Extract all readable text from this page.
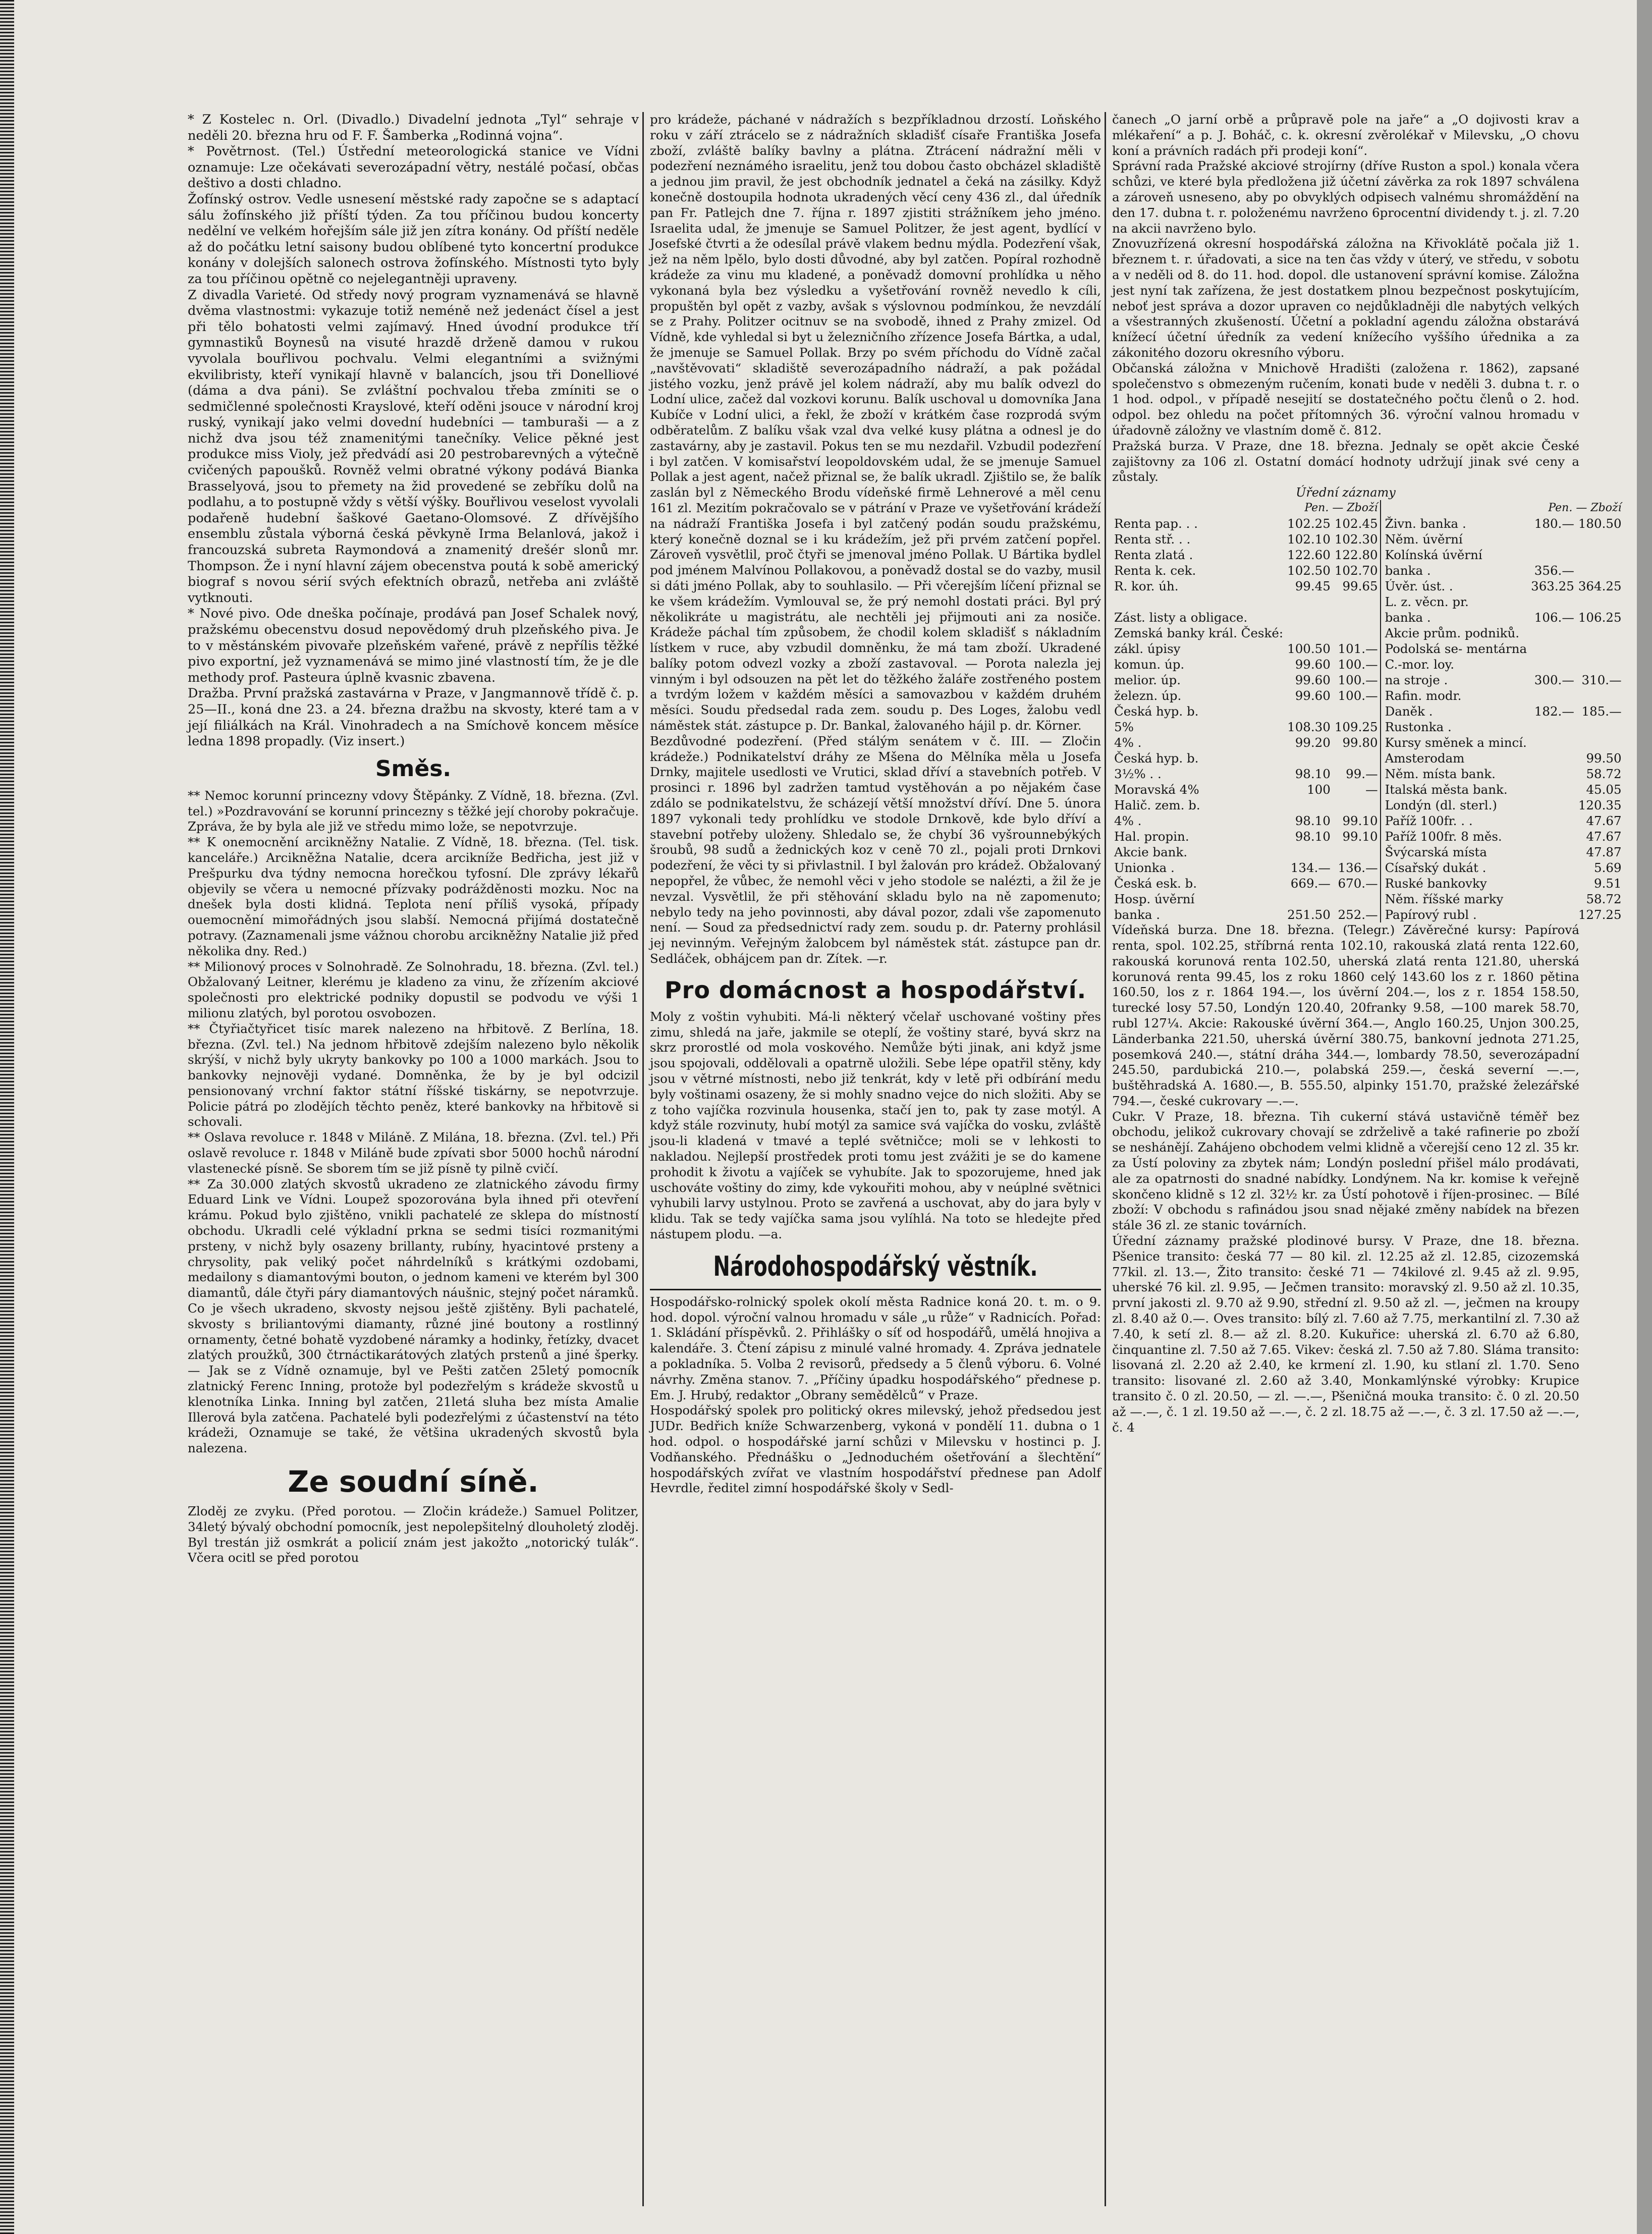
* Z Kostelec n. Orl. (Divadlo.) Divadelní jednota „Tyl“ sehraje v neděli 20. března hru od F. F. Šamberka „Rodinná vojna“.

* Povětrnost. (Tel.) Ústřední meteorologická stanice ve Vídni oznamuje: Lze očekávati severozápadní větry, nestálé počasí, občas deštivo a dosti chladno.

Žofínský ostrov. Vedle usnesení městské rady započne se s adaptací sálu žofínského již příští týden. Za tou příčinou budou koncerty nedělní ve velkém hořejším sále již jen zítra konány. Od příští neděle až do počátku letní saisony budou oblíbené tyto koncertní produkce konány v dolejších salonech ostrova žofínského. Místnosti tyto byly za tou příčinou opětně co nejelegantněji upraveny.

Z divadla Varieté. Od středy nový program vyznamenává se hlavně dvěma vlastnostmi: vykazuje totiž neméně než jedenáct čísel a jest při tělo bohatosti velmi zajímavý. Hned úvodní produkce tří gymnastiků Boynesů na visuté hrazdě drženě damou v rukou vyvolala bouřlivou pochvalu. Velmi elegantními a svižnými ekvilibristy, kteří vynikají hlavně v balancích, jsou tři Donelliové (dáma a dva páni). Se zvláštní pochvalou třeba zmíniti se o sedmičlenné společnosti Krayslové, kteří oděni jsouce v národní kroj ruský, vynikají jako velmi dovední hudebníci — tamburaši — a z nichž dva jsou též znamenitými tanečníky. Velice pěkné jest produkce miss Violy, jež předvádí asi 20 pestrobarevných a výtečně cvičených papoušků. Rovněž velmi obratné výkony podává Bianka Brasselyová, jsou to přemety na žid provedené se zebříku dolů na podlahu, a to postupně vždy s větší výšky. Bouřlivou veselost vyvolali podařeně hudební šaškové Gaetano-Olomsové. Z dřívějšího ensemblu zůstala výborná česká pěvkyně Irma Belanlová, jakož i francouzská subreta Raymondová a znamenitý drešér slonů mr. Thompson. Že i nyní hlavní zájem obecenstva poutá k sobě americký biograf s novou sérií svých efektních obrazů, netřeba ani zvláště vytknouti.

* Nové pivo. Ode dneška počínaje, prodává pan Josef Schalek nový, pražskému obecenstvu dosud nepovědomý druh plzeňského piva. Je to v městánském pivovaře plzeňském vařené, právě z nepřílis těžké pivo exportní, jež vyznamenává se mimo jiné vlastností tím, že je dle methody prof. Pasteura úplně kvasnic zbavena.

Dražba. První pražská zastavárna v Praze, v Jangmannově třídě č. p. 25—II., koná dne 23. a 24. března dražbu na skvosty, které tam a v její filiálkách na Král. Vinohradech a na Smíchově koncem měsíce ledna 1898 propadly. (Viz insert.)

Směs.

** Nemoc korunní princezny vdovy Štěpánky. Z Vídně, 18. března. (Zvl. tel.) »Pozdravování se korunní princezny s těžké její choroby pokračuje. Zpráva, že by byla ale již ve středu mimo lože, se nepotvrzuje.

** K onemocnění arcikněžny Natalie. Z Vídně, 18. března. (Tel. tisk. kanceláře.) Arcikněžna Natalie, dcera arcikníže Bedřicha, jest již v Prešpurku dva týdny nemocna horečkou tyfosní. Dle zprávy lékařů objevily se včera u nemocné přízvaky podrážděnosti mozku. Noc na dnešek byla dosti klidná. Teplota není příliš vysoká, případy ouemocnění mimořádných jsou slabší. Nemocná přijímá dostatečně potravy. (Zaznamenali jsme vážnou chorobu arcikněžny Natalie již před několika dny. Red.)

** Milionový proces v Solnohradě. Ze Solnohradu, 18. března. (Zvl. tel.) Obžalovaný Leitner, klerému je kladeno za vinu, že zřízením akciové společnosti pro elektrické podniky dopustil se podvodu ve výši 1 milionu zlatých, byl porotou osvobozen.

** Čtyřiačtyřicet tisíc marek nalezeno na hřbitově. Z Berlína, 18. března. (Zvl. tel.) Na jednom hřbitově zdejším nalezeno bylo několik skrýší, v nichž byly ukryty bankovky po 100 a 1000 markách. Jsou to bankovky nejnověji vydané. Domněnka, že by je byl odcizil pensionovaný vrchní faktor státní říšské tiskárny, se nepotvrzuje. Policie pátrá po zlodějích těchto peněz, které bankovky na hřbitově si schovali.

** Oslava revoluce r. 1848 v Miláně. Z Milána, 18. března. (Zvl. tel.) Při oslavě revoluce r. 1848 v Miláně bude zpívati sbor 5000 hochů národní vlastenecké písně. Se sborem tím se již písně ty pilně cvičí.

** Za 30.000 zlatých skvostů ukradeno ze zlatnického závodu firmy Eduard Link ve Vídni. Loupež spozorována byla ihned při otevření krámu. Pokud bylo zjištěno, vnikli pachatelé ze sklepa do místností obchodu. Ukradli celé výkladní prkna se sedmi tisíci rozmanitými prsteny, v nichž byly osazeny brillanty, rubíny, hyacintové prsteny a chrysolity, pak veliký počet náhrdelníků s krátkými ozdobami, medailony s diamantovými bouton, o jednom kameni ve kterém byl 300 diamantů, dále čtyři páry diamantových náušnic, stejný počet náramků. Co je všech ukradeno, skvosty nejsou ještě zjištěny. Byli pachatelé, skvosty s briliantovými diamanty, různé jiné boutony a rostlinný ornamenty, četné bohatě vyzdobené náramky a hodinky, řetízky, dvacet zlatých proužků, 300 čtrnáctikarátových zlatých prstenů a jiné šperky. — Jak se z Vídně oznamuje, byl ve Pešti zatčen 25letý pomocník zlatnický Ferenc Inning, protože byl podezřelým s krádeže skvostů u klenotníka Linka. Inning byl zatčen, 21letá sluha bez místa Amalie Illerová byla zatčena. Pachatelé byli podezřelými z účastenství na této krádeži, Oznamuje se také, že většina ukradených skvostů byla nalezena.

Ze soudní síně.

Zloděj ze zvyku. (Před porotou. — Zločin krádeže.) Samuel Politzer, 34letý bývalý obchodní pomocník, jest nepolepšitelný dlouholetý zloděj. Byl trestán již osmkrát a policií znám jest jakožto „notorický tulák“. Včera ocitl se před porotou

pro krádeže, páchané v nádražích s bezpříkladnou drzostí. Loňského roku v září ztrácelo se z nádražních skladišť císaře Františka Josefa zboží, zvláště balíky bavlny a plátna. Ztrácení nádražní měli v podezření neznámého israelitu, jenž tou dobou často obcházel skladiště a jednou jim pravil, že jest obchodník jednatel a čeká na zásilky. Když konečně dostoupila hodnota ukradených věcí ceny 436 zl., dal úředník pan Fr. Patlejch dne 7. října r. 1897 zjistiti strážníkem jeho jméno. Israelita udal, že jmenuje se Samuel Politzer, že jest agent, bydlící v Josefské čtvrti a že odesílal právě vlakem bednu mýdla. Podezření však, jež na něm lpělo, bylo dosti důvodné, aby byl zatčen. Popíral rozhodně krádeže za vinu mu kladené, a poněvadž domovní prohlídka u něho vykonaná byla bez výsledku a vyšetřování rovněž nevedlo k cíli, propuštěn byl opět z vazby, avšak s výslovnou podmínkou, že nevzdálí se z Prahy. Politzer ocitnuv se na svobodě, ihned z Prahy zmizel. Od Vídně, kde vyhledal si byt u železničního zřízence Josefa Bártka, a udal, že jmenuje se Samuel Pollak. Brzy po svém příchodu do Vídně začal „navštěvovati“ skladiště severozápadního nádraží, a pak požádal jistého vozku, jenž právě jel kolem nádraží, aby mu balík odvezl do Lodní ulice, začež dal vozkovi korunu. Balík uschoval u domovníka Jana Kubíče v Lodní ulici, a řekl, že zboží v krátkém čase rozprodá svým odběratelům. Z balíku však vzal dva velké kusy plátna a odnesl je do zastavárny, aby je zastavil. Pokus ten se mu nezdařil. Vzbudil podezření i byl zatčen. V komisařství leopoldovském udal, že se jmenuje Samuel Pollak a jest agent, načež přiznal se, že balík ukradl. Zjištilo se, že balík zaslán byl z Německého Brodu vídeňské firmě Lehnerové a měl cenu 161 zl. Mezitím pokračovalo se v pátrání v Praze ve vyšetřování krádeží na nádraží Františka Josefa i byl zatčený podán soudu pražskému, který konečně doznal se i ku krádežím, jež při prvém zatčení popřel. Zároveň vysvětlil, proč čtyři se jmenoval jméno Pollak. U Bártika bydlel pod jménem Malvínou Pollakovou, a poněvadž dostal se do vazby, musil si dáti jméno Pollak, aby to souhlasilo. — Při včerejším líčení přiznal se ke všem krádežím. Vymlouval se, že prý nemohl dostati práci. Byl prý několikráte u magistrátu, ale nechtěli jej přijmouti ani za nosiče. Krádeže páchal tím způsobem, že chodil kolem skladišť s nákladním lístkem v ruce, aby vzbudil domněnku, že má tam zboží. Ukradené balíky potom odvezl vozky a zboží zastavoval. — Porota nalezla jej vinným i byl odsouzen na pět let do těžkého žaláře zostřeného postem a tvrdým ložem v každém měsíci a samovazbou v každém druhém měsíci. Soudu předsedal rada zem. soudu p. Des Loges, žalobu vedl náměstek stát. zástupce p. Dr. Bankal, žalovaného hájil p. dr. Körner.

Bezdůvodné podezření. (Před stálým senátem v č. III. — Zločin krádeže.) Podnikatelství dráhy ze Mšena do Mělníka měla u Josefa Drnky, majitele usedlosti ve Vrutici, sklad dříví a stavebních potřeb. V prosinci r. 1896 byl zadržen tamtud vystěhován a po nějakém čase zdálo se podnikatelstvu, že scházejí větší množství dříví. Dne 5. února 1897 vykonali tedy prohlídku ve stodole Drnkově, kde bylo dříví a stavební potřeby uloženy. Shledalo se, že chybí 36 vyšrounnebýkých šroubů, 98 sudů a žednických koz v ceně 70 zl., pojali proti Drnkovi podezření, že věci ty si přivlastnil. I byl žalován pro krádež. Obžalovaný nepopřel, že vůbec, že nemohl věci v jeho stodole se nalézti, a žil že je nevzal. Vysvětlil, že při stěhování skladu bylo na ně zapomenuto; nebylo tedy na jeho povinnosti, aby dával pozor, zdali vše zapomenuto není. — Soud za předsednictví rady zem. soudu p. dr. Paterny prohlásil jej nevinným. Veřejným žalobcem byl náměstek stát. zástupce pan dr. Sedláček, obhájcem pan dr. Zítek. —r.

Pro domácnost a hospodářství.

Moly z voštin vyhubiti. Má-li některý včelař uschované voštiny přes zimu, shledá na jaře, jakmile se oteplí, že voštiny staré, byvá skrz na skrz prorostlé od mola voskového. Nemůže býti jinak, ani když jsme jsou spojovali, oddělovali a opatrně uložili. Sebe lépe opatřil stěny, kdy jsou v větrné místnosti, nebo již tenkrát, kdy v letě při odbírání medu byly voštinami osazeny, že si mohly snadno vejce do nich složiti. Aby se z toho vajíčka rozvinula housenka, stačí jen to, pak ty zase motýl. A když stále rozvinuty, hubí motýl za samice svá vajíčka do vosku, zvláště jsou-li kladená v tmavé a teplé světničce; moli se v lehkosti to nakladou. Nejlepší prostředek proti tomu jest zvážiti je se do kamene prohodit k životu a vajíček se vyhubíte. Jak to spozorujeme, hned jak uschováte voštiny do zimy, kde vykouřiti mohou, aby v neúplné světnici vyhubili larvy ustylnou. Proto se zavřená a uschovat, aby do jara byly v klidu. Tak se tedy vajíčka sama jsou vylíhlá. Na toto se hledejte před nástupem plodu. —a.

Národohospodářský věstník.

Hospodářsko-rolnický spolek okolí města Radnice koná 20. t. m. o 9. hod. dopol. výroční valnou hromadu v sále „u růže“ v Radnicích. Pořad: 1. Skládání příspěvků. 2. Přihlášky o síť od hospodářů, umělá hnojiva a kalendáře. 3. Čtení zápisu z minulé valné hromady. 4. Zpráva jednatele a pokladníka. 5. Volba 2 revisorů, předsedy a 5 členů výboru. 6. Volné návrhy. Změna stanov. 7. „Příčiny úpadku hospodářského“ přednese p. Em. J. Hrubý, redaktor „Obrany semědělců“ v Praze.

Hospodářský spolek pro politický okres milevský, jehož předsedou jest JUDr. Bedřich kníže Schwarzenberg, vykoná v pondělí 11. dubna o 1 hod. odpol. o hospodářské jarní schůzi v Milevsku v hostinci p. J. Vodňanského. Přednášku o „Jednoduchém ošetřování a šlechtění“ hospodářských zvířat ve vlastním hospodářství přednese pan Adolf Hevrdle, ředitel zimní hospodářské školy v Sedl-

čanech „O jarní orbě a průpravě pole na jaře“ a „O dojivosti krav a mlékaření“ a p. J. Boháč, c. k. okresní zvěrolékař v Milevsku, „O chovu koní a právních radách při prodeji koní“.

Správní rada Pražské akciové strojírny (dříve Ruston a spol.) konala včera schůzi, ve které byla předložena již účetní závěrka za rok 1897 schválena a zároveň usneseno, aby po obvyklých odpisech valnému shromáždění na den 17. dubna t. r. položenému navrženo 6procentní dividendy t. j. zl. 7.20 na akcii navrženo bylo.

Znovuzřízená okresní hospodářská záložna na Křivoklátě počala již 1. březnem t. r. úřadovati, a sice na ten čas vždy v úterý, ve středu, v sobotu a v neděli od 8. do 11. hod. dopol. dle ustanovení správní komise. Záložna jest nyní tak zařízena, že jest dostatkem plnou bezpečnost poskytujícím, neboť jest správa a dozor upraven co nejdůkladněji dle nabytých velkých a všestranných zkušeností. Účetní a pokladní agendu záložna obstarává knížecí účetní úředník za vedení knížecího vyššího úřednika a za zákonitého dozoru okresního výboru.

Občanská záložna v Mnichově Hradišti (založena r. 1862), zapsané společenstvo s obmezeným ručením, konati bude v neděli 3. dubna t. r. o 1 hod. odpol., v případě nesejití se dostatečného počtu členů o 2. hod. odpol. bez ohledu na počet přítomných 36. výroční valnou hromadu v úřadovně záložny ve vlastním domě č. 812.

Pražská burza. V Praze, dne 18. března. Jednaly se opět akcie České zajištovny za 106 zl. Ostatní domácí hodnoty udržují jinak své ceny a zůstaly.

Úřední záznamy
	Pen. — Zboží			Pen. — Zboží	
Renta pap. . .	102.25	102.45	Živn. banka .	180.—	180.50
Renta stř. . .	102.10	102.30	Něm. úvěrní		
Renta zlatá .	122.60	122.80	Kolínská úvěrní		
Renta k. cek.	102.50	102.70	banka .	356.—	
R. kor. úh.	99.45	99.65	Úvěr. úst. .	363.25	364.25
			L. z. věcn. pr.		
Zást. listy a obligace.			banka .	106.—	106.25
Zemská banky král. České:			Akcie prům. podniků.		
zákl. úpisy	100.50	101.—	Podolská se- mentárna		
komun. úp.	99.60	100.—	C.-mor. loy.		
melior. úp.	99.60	100.—	na stroje .	300.—	310.—
železn. úp.	99.60	100.—	Rafin. modr.		
Česká hyp. b.			Daněk .	182.—	185.—
5%	108.30	109.25	Rustonka .		
4% .	99.20	99.80	Kursy směnek a mincí.		
Česká hyp. b.			Amsterodam		99.50
3½% . .	98.10	99.—	Něm. místa bank.		58.72
Moravská 4%	100	—	Italská města bank.		45.05
Halič. zem. b.			Londýn (dl. sterl.)		120.35
4% .	98.10	99.10	Paříž 100fr. . .		47.67
Hal. propin.	98.10	99.10	Paříž 100fr. 8 měs.		47.67
Akcie bank.			Švýcarská místa		47.87
Unionka .	134.—	136.—	Císařský dukát .		5.69
Česká esk. b.	669.—	670.—	Ruské bankovky		9.51
Hosp. úvěrní			Něm. říšské marky		58.72
banka .	251.50	252.—	Papírový rubl .		127.25

Vídeňská burza. Dne 18. března. (Telegr.) Závěrečné kursy: Papírová renta, spol. 102.25, stříbrná renta 102.10, rakouská zlatá renta 122.60, rakouská korunová renta 102.50, uherská zlatá renta 121.80, uherská korunová renta 99.45, los z roku 1860 celý 143.60 los z r. 1860 pětina 160.50, los z r. 1864 194.—, los úvěrní 204.—, los z r. 1854 158.50, turecké losy 57.50, Londýn 120.40, 20franky 9.58, —100 marek 58.70, rubl 127¼. Akcie: Rakouské úvěrní 364.—, Anglo 160.25, Unjon 300.25, Länderbanka 221.50, uherská úvěrní 380.75, bankovní jednota 271.25, posemková 240.—, státní dráha 344.—, lombardy 78.50, severozápadní 245.50, pardubická 210.—, polabská 259.—, česká severní —.—, buštěhradská A. 1680.—, B. 555.50, alpinky 151.70, pražské železářské 794.—, české cukrovary —.—.

Cukr. V Praze, 18. března. Tih cukerní stává ustavičně téměř bez obchodu, jelikož cukrovary chovají se zdrželivě a také rafinerie po zboží se neshánějí. Zahájeno obchodem velmi klidně a včerejší ceno 12 zl. 35 kr. za Ústí poloviny za zbytek nám; Londýn poslední přišel málo prodávati, ale za opatrnosti do snadné nabídky. Londýnem. Na kr. komise k veřejně skončeno klidně s 12 zl. 32½ kr. za Ústí pohotově i říjen-prosinec. — Bílé zboží: V obchodu s rafinádou jsou snad nějaké změny nabídek na březen stále 36 zl. ze stanic továrních.

Úřední záznamy pražské plodinové bursy. V Praze, dne 18. března. Pšenice transito: česká 77 — 80 kil. zl. 12.25 až zl. 12.85, cizozemská 77kil. zl. 13.—, Žito transito: české 71 — 74kilové zl. 9.45 až zl. 9.95, uherské 76 kil. zl. 9.95, — Ječmen transito: moravský zl. 9.50 až zl. 10.35, první jakosti zl. 9.70 až 9.90, střední zl. 9.50 až zl. —, ječmen na kroupy zl. 8.40 až 0.—. Oves transito: bílý zl. 7.60 až 7.75, merkantilní zl. 7.30 až 7.40, k setí zl. 8.— až zl. 8.20. Kukuřice: uherská zl. 6.70 až 6.80, činquantine zl. 7.50 až 7.65. Vikev: česká zl. 7.50 až 7.80. Sláma transito: lisovaná zl. 2.20 až 2.40, ke krmení zl. 1.90, ku stlaní zl. 1.70. Seno transito: lisované zl. 2.60 až 3.40, Monkamlýnské výrobky: Krupice transito č. 0 zl. 20.50, — zl. —.—, Pšeničná mouka transito: č. 0 zl. 20.50 až —.—, č. 1 zl. 19.50 až —.—, č. 2 zl. 18.75 až —.—, č. 3 zl. 17.50 až —.—, č. 4
